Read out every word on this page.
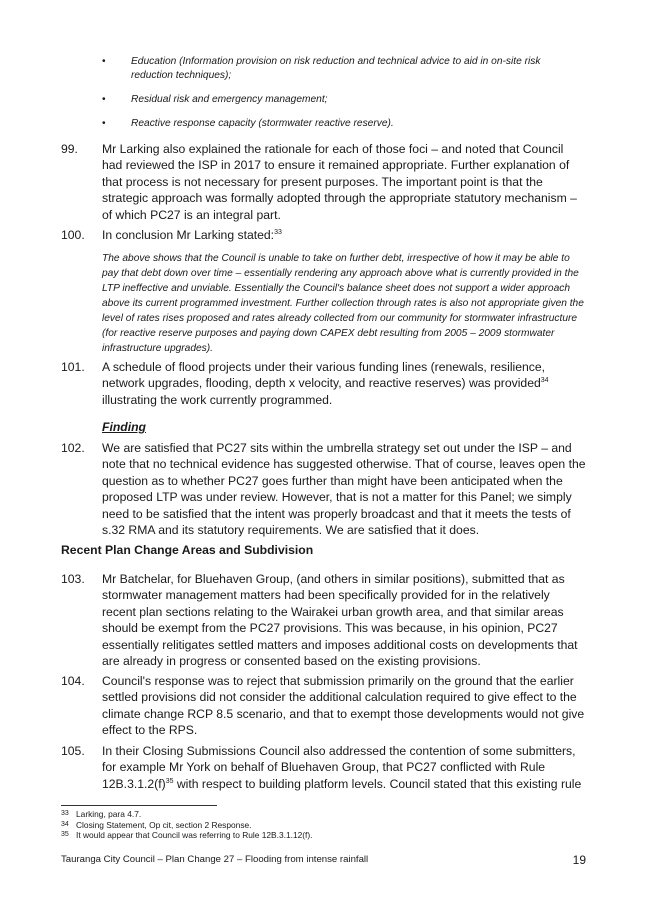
• Education (Information provision on risk reduction and technical advice to aid in on-site risk reduction techniques);
• Residual risk and emergency management;
• Reactive response capacity (stormwater reactive reserve).
99. Mr Larking also explained the rationale for each of those foci – and noted that Council had reviewed the ISP in 2017 to ensure it remained appropriate. Further explanation of that process is not necessary for present purposes. The important point is that the strategic approach was formally adopted through the appropriate statutory mechanism – of which PC27 is an integral part.
100. In conclusion Mr Larking stated:$^{33}$
The above shows that the Council is unable to take on further debt, irrespective of how it may be able to pay that debt down over time – essentially rendering any approach above what is currently provided in the LTP ineffective and unviable. Essentially the Council's balance sheet does not support a wider approach above its current programmed investment. Further collection through rates is also not appropriate given the level of rates rises proposed and rates already collected from our community for stormwater infrastructure (for reactive reserve purposes and paying down CAPEX debt resulting from 2005 – 2009 stormwater infrastructure upgrades).
101. A schedule of flood projects under their various funding lines (renewals, resilience, network upgrades, flooding, depth x velocity, and reactive reserves) was provided$^{34}$ illustrating the work currently programmed.
Finding
102. We are satisfied that PC27 sits within the umbrella strategy set out under the ISP – and note that no technical evidence has suggested otherwise. That of course, leaves open the question as to whether PC27 goes further than might have been anticipated when the proposed LTP was under review. However, that is not a matter for this Panel; we simply need to be satisfied that the intent was properly broadcast and that it meets the tests of s.32 RMA and its statutory requirements. We are satisfied that it does.
Recent Plan Change Areas and Subdivision
103. Mr Batchelar, for Bluehaven Group, (and others in similar positions), submitted that as stormwater management matters had been specifically provided for in the relatively recent plan sections relating to the Wairakei urban growth area, and that similar areas should be exempt from the PC27 provisions. This was because, in his opinion, PC27 essentially relitigates settled matters and imposes additional costs on developments that are already in progress or consented based on the existing provisions.
104. Council's response was to reject that submission primarily on the ground that the earlier settled provisions did not consider the additional calculation required to give effect to the climate change RCP 8.5 scenario, and that to exempt those developments would not give effect to the RPS.
105. In their Closing Submissions Council also addressed the contention of some submitters, for example Mr York on behalf of Bluehaven Group, that PC27 conflicted with Rule $12B.3.1.2(f)^{35}$ with respect to building platform levels. Council stated that this existing rule
33 Larking, para 4.7.
34 Closing Statement, Op cit, section 2 Response.
35 It would appear that Council was referring to Rule 12B.3.1.12(f).
Tauranga City Council – Plan Change 27 – Flooding from intense rainfall	19
